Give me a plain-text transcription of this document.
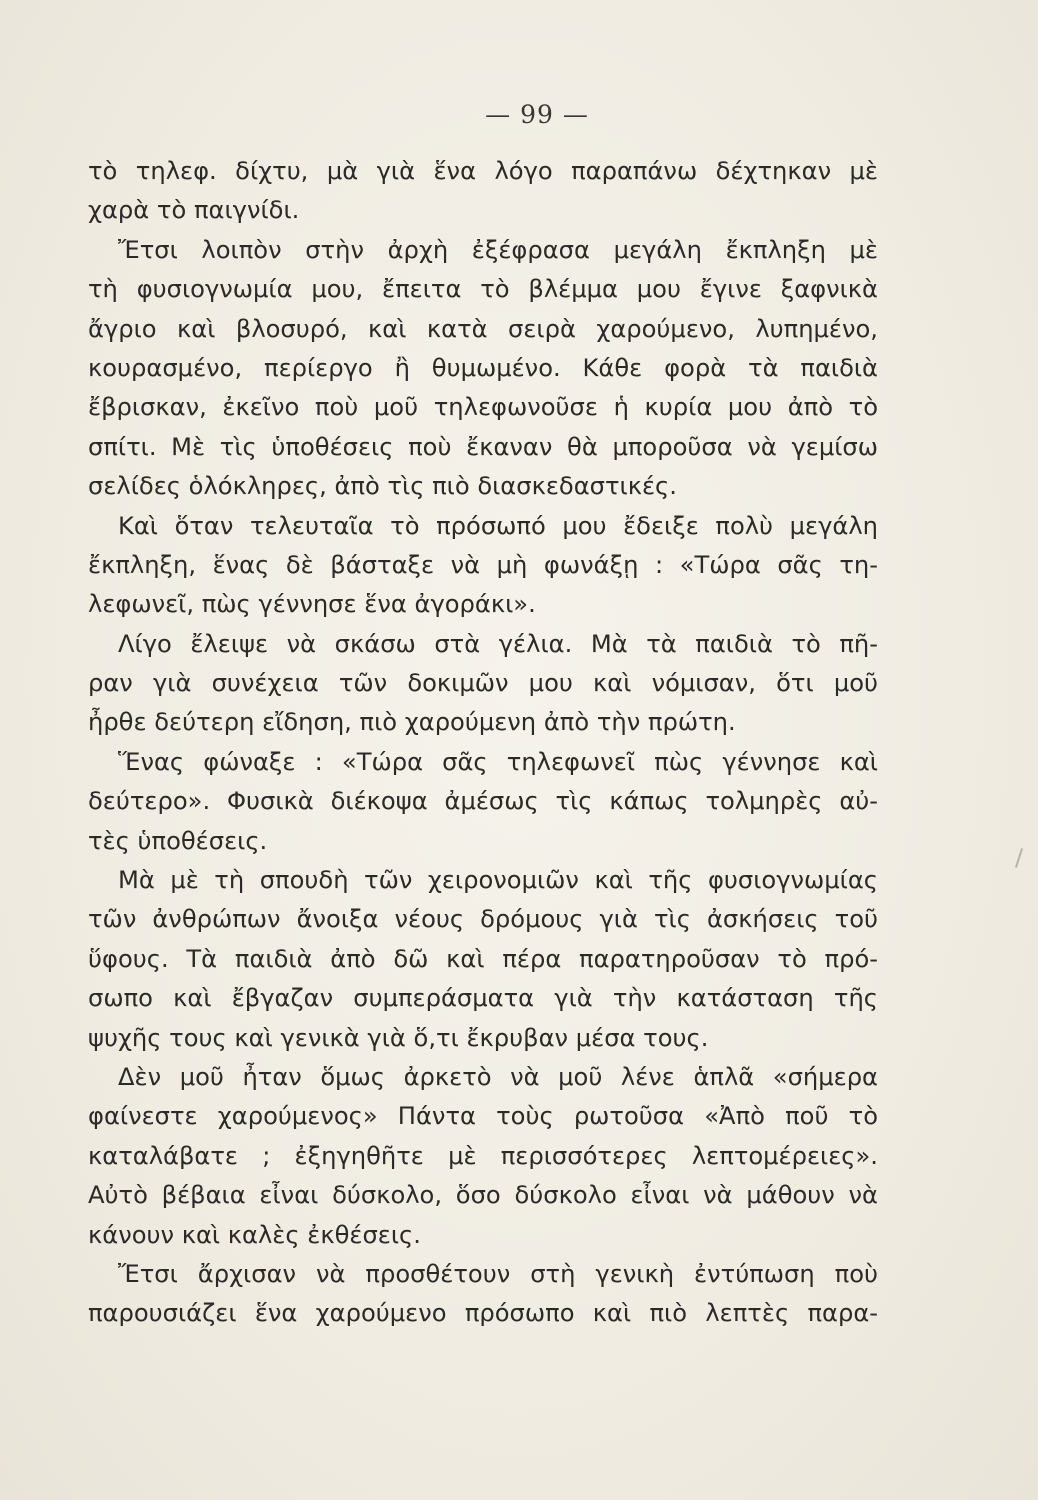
— 99 —
τὸ τηλεφ. δίχτυ, μὰ γιὰ ἕνα λόγο παραπάνω δέχτηκαν μὲ
χαρὰ τὸ παιγνίδι.
Ἔτσι λοιπὸν στὴν ἀρχὴ ἐξέφρασα μεγάλη ἔκπληξη μὲ
τὴ φυσιογνωμία μου, ἔπειτα τὸ βλέμμα μου ἔγινε ξαφνικὰ
ἄγριο καὶ βλοσυρό, καὶ κατὰ σειρὰ χαρούμενο, λυπημένο,
κουρασμένο, περίεργο ἢ θυμωμένο. Κάθε φορὰ τὰ παιδιὰ
ἔβρισκαν, ἐκεῖνο ποὺ μοῦ τηλεφωνοῦσε ἡ κυρία μου ἀπὸ τὸ
σπίτι. Μὲ τὶς ὑποθέσεις ποὺ ἔκαναν θὰ μποροῦσα νὰ γεμίσω
σελίδες ὁλόκληρες, ἀπὸ τὶς πιὸ διασκεδαστικές.
Καὶ ὅταν τελευταῖα τὸ πρόσωπό μου ἔδειξε πολὺ μεγάλη
ἔκπληξη, ἕνας δὲ βάσταξε νὰ μὴ φωνάξῃ : «Τώρα σᾶς τη-
λεφωνεῖ, πὼς γέννησε ἕνα ἀγοράκι».
Λίγο ἔλειψε νὰ σκάσω στὰ γέλια. Μὰ τὰ παιδιὰ τὸ πῆ-
ραν γιὰ συνέχεια τῶν δοκιμῶν μου καὶ νόμισαν, ὅτι μοῦ
ἦρθε δεύτερη εἴδηση, πιὸ χαρούμενη ἀπὸ τὴν πρώτη.
Ἕνας φώναξε : «Τώρα σᾶς τηλεφωνεῖ πὼς γέννησε καὶ
δεύτερο». Φυσικὰ διέκοψα ἀμέσως τὶς κάπως τολμηρὲς αὐ-
τὲς ὑποθέσεις.
Μὰ μὲ τὴ σπουδὴ τῶν χειρονομιῶν καὶ τῆς φυσιογνωμίας
τῶν ἀνθρώπων ἄνοιξα νέους δρόμους γιὰ τὶς ἀσκήσεις τοῦ
ὕφους. Τὰ παιδιὰ ἀπὸ δῶ καὶ πέρα παρατηροῦσαν τὸ πρό-
σωπο καὶ ἔβγαζαν συμπεράσματα γιὰ τὴν κατάσταση τῆς
ψυχῆς τους καὶ γενικὰ γιὰ ὅ,τι ἔκρυβαν μέσα τους.
Δὲν μοῦ ἦταν ὅμως ἀρκετὸ νὰ μοῦ λένε ἁπλᾶ «σήμερα
φαίνεστε χαρούμενος» Πάντα τοὺς ρωτοῦσα «Ἀπὸ ποῦ τὸ
καταλάβατε ; ἐξηγηθῆτε μὲ περισσότερες λεπτομέρειες».
Αὐτὸ βέβαια εἶναι δύσκολο, ὅσο δύσκολο εἶναι νὰ μάθουν νὰ
κάνουν καὶ καλὲς ἐκθέσεις.
Ἔτσι ἄρχισαν νὰ προσθέτουν στὴ γενικὴ ἐντύπωση ποὺ
παρουσιάζει ἕνα χαρούμενο πρόσωπο καὶ πιὸ λεπτὲς παρα-
